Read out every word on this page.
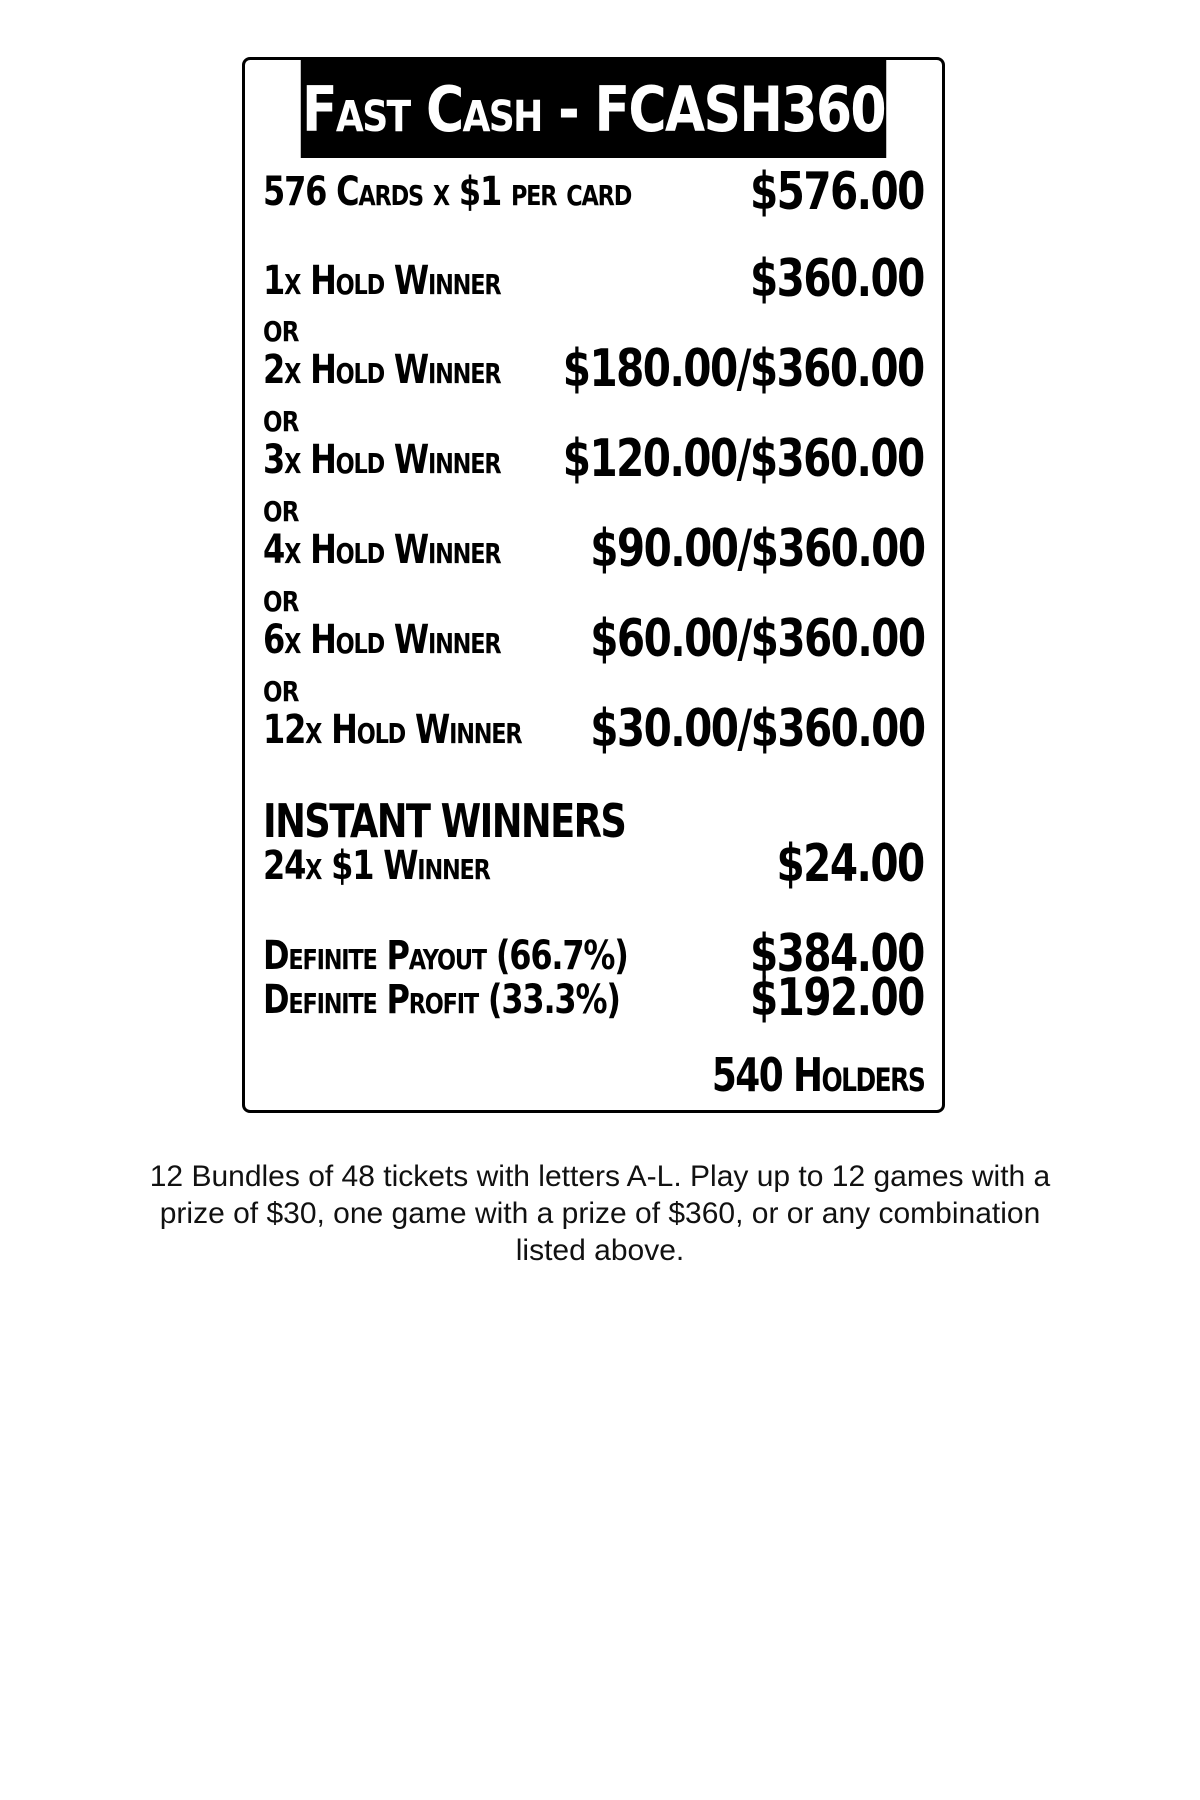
Fast Cash - FCASH360
576 Cards x $1 per card $576.00
1x Hold Winner	$360.00
OR
2x Hold Winner $180.00/$360.00
OR
3x Hold Winner $120.00/$360.00
OR
4x Hold Winner $90.00/$360.00
OR
6x Hold Winner $60.00/$360.00
OR
12x Hold Winner $30.00/$360.00
INSTANT WINNERS
24x $1 Winner	$24.00
Definite Payout (66.7%) $384.00
Definite Profit (33.3%)	$192.00
540 Holders
12 Bundles of 48 tickets with letters A-L. Play up to 12 games with a prize of $30, one game with a prize of $360, or or any combination listed above.
